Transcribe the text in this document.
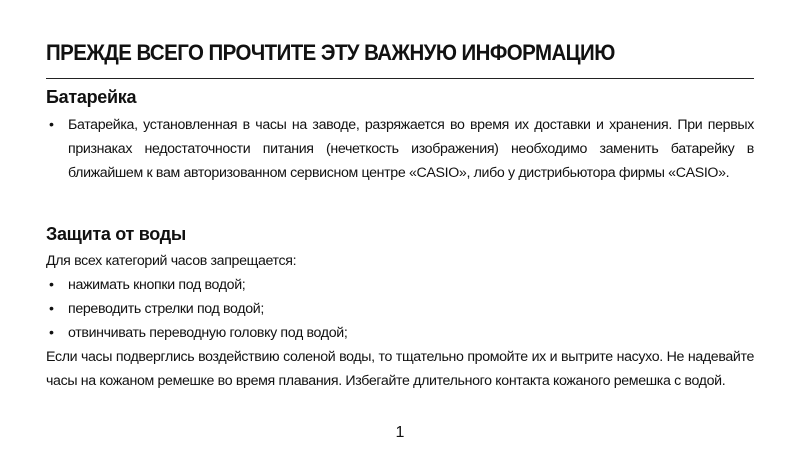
ПРЕЖДЕ ВСЕГО ПРОЧТИТЕ ЭТУ ВАЖНУЮ ИНФОРМАЦИЮ
Батарейка
•	Батарейка, установленная в часы на заводе, разряжается во время их доставки и хранения. При первых признаках недостаточности питания (нечеткость изображения) необходимо заменить батарейку в ближайшем к вам авторизованном сервисном центре «CASIO», либо у дистрибьютора фирмы «CASIO».
Защита от воды
Для всех категорий часов запрещается:
•	нажимать кнопки под водой;
•	переводить стрелки под водой;
•	отвинчивать переводную головку под водой;
Если часы подверглись воздействию соленой воды, то тщательно промойте их и вытрите насухо. Не надевайте часы на кожаном ремешке во время плавания. Избегайте длительного контакта кожаного ремешка с водой.
1
